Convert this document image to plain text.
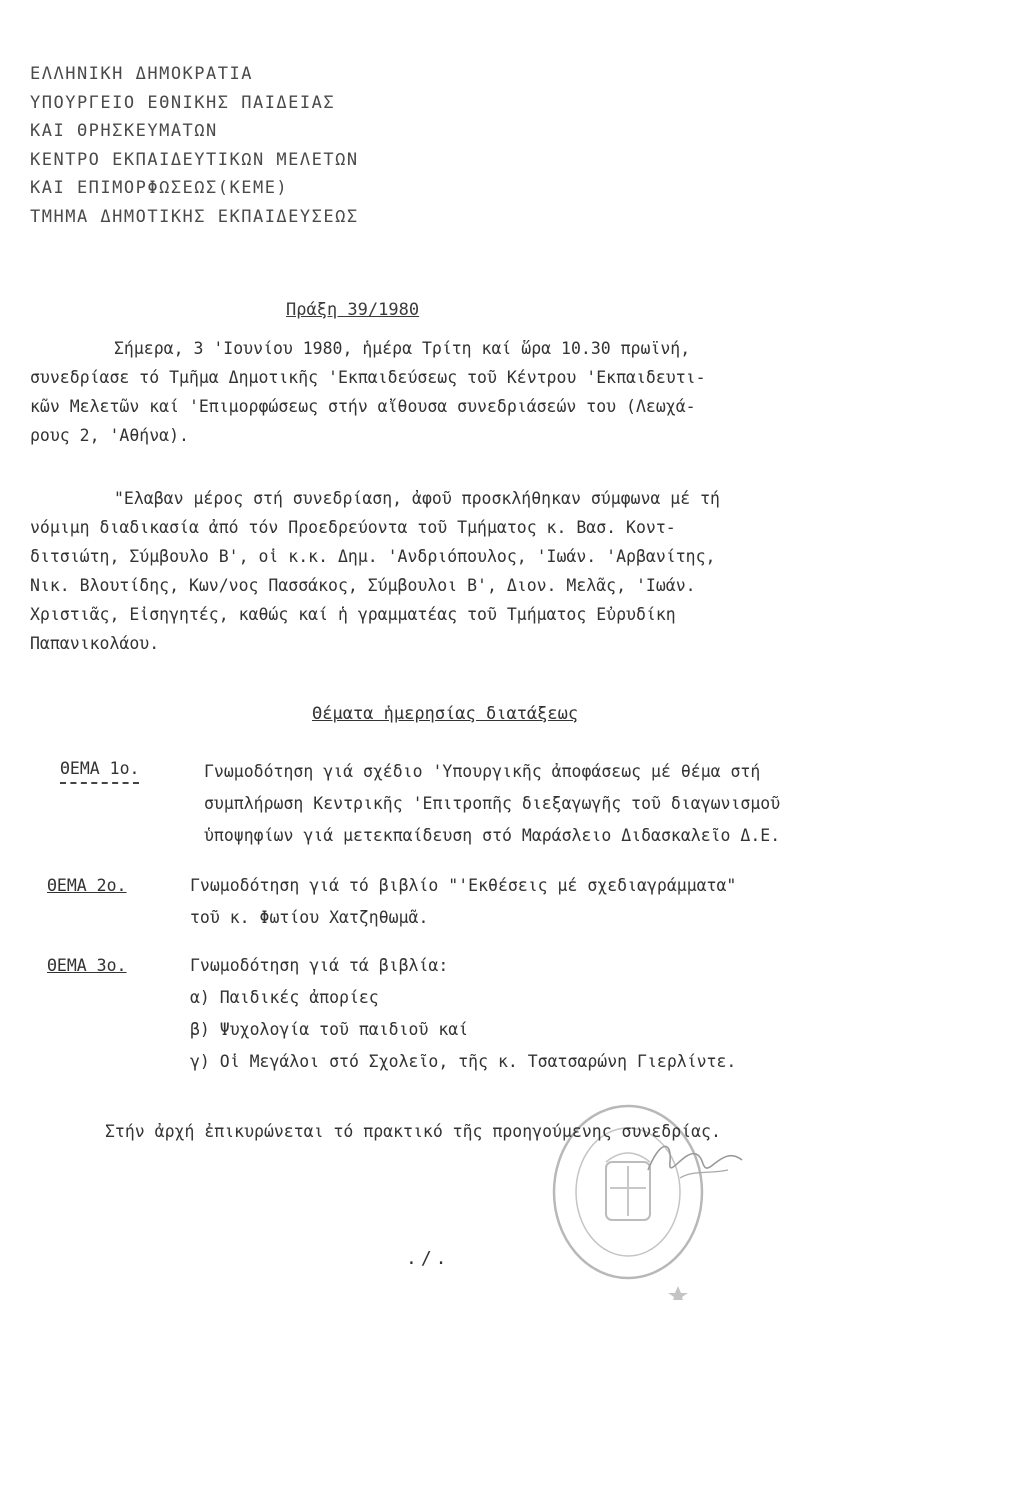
ΕΛΛΗΝΙΚΗ ΔΗΜΟΚΡΑΤΙΑ
ΥΠΟΥΡΓΕΙΟ ΕΘΝΙΚΗΣ ΠΑΙΔΕΙΑΣ
ΚΑΙ ΘΡΗΣΚΕΥΜΑΤΩΝ
ΚΕΝΤΡΟ ΕΚΠΑΙΔΕΥΤΙΚΩΝ ΜΕΛΕΤΩΝ
ΚΑΙ ΕΠΙΜΟΡΦΩΣΕΩΣ(ΚΕΜΕ)
ΤΜΗΜΑ ΔΗΜΟΤΙΚΗΣ ΕΚΠΑΙΔΕΥΣΕΩΣ
Πράξη 39/1980
Σήμερα, 3 'Ιουνίου 1980, ἡμέρα Τρίτη καί ὥρα 10.30 πρωϊνή,
συνεδρίασε τό Τμῆμα Δημοτικῆς 'Εκπαιδεύσεως τοῦ Κέντρου 'Εκπαιδευτι-
κῶν Μελετῶν καί 'Επιμορφώσεως στήν αἴθουσα συνεδριάσεών του (Λεωχά-
ρους 2, 'Αθήνα).
"Ελαβαν μέρος στή συνεδρίαση, ἀφοῦ προσκλήθηκαν σύμφωνα μέ τή
νόμιμη διαδικασία ἀπό τόν Προεδρεύοντα τοῦ Τμήματος κ. Βασ. Κοντ-
διτσιώτη, Σύμβουλο Β', οἱ κ.κ. Δημ. 'Ανδριόπουλος, 'Ιωάν. 'Αρβανίτης,
Νικ. Βλουτίδης, Κων/νος Πασσάκος, Σύμβουλοι Β', Διον. Μελᾶς, 'Ιωάν.
Χριστιᾶς, Εἰσηγητές, καθώς καί ἡ γραμματέας τοῦ Τμήματος Εὐρυδίκη
Παπανικολάου.
Θέματα ἡμερησίας διατάξεως
ΘΕΜΑ 1ο.	Γνωμοδότηση γιά σχέδιο 'Υπουργικῆς ἀποφάσεως μέ θέμα στή
συμπλήρωση Κεντρικῆς 'Επιτροπῆς διεξαγωγῆς τοῦ διαγωνισμοῦ
ὑποψηφίων γιά μετεκπαίδευση στό Μαράσλειο Διδασκαλεῖο Δ.Ε.
ΘΕΜΑ 2ο.	Γνωμοδότηση γιά τό βιβλίο "'Εκθέσεις μέ σχεδιαγράμματα"
τοῦ κ. Φωτίου Χατζηθωμᾶ.
ΘΕΜΑ 3ο.	Γνωμοδότηση γιά τά βιβλία:
α) Παιδικές ἀπορίες
β) Ψυχολογία τοῦ παιδιοῦ καί
γ) Οἱ Μεγάλοι στό Σχολεῖο, τῆς κ. Τσατσαρώνη Γιερλίντε.
Στήν ἀρχή ἐπικυρώνεται τό πρακτικό τῆς προηγούμενης συνεδρίας.
./.
